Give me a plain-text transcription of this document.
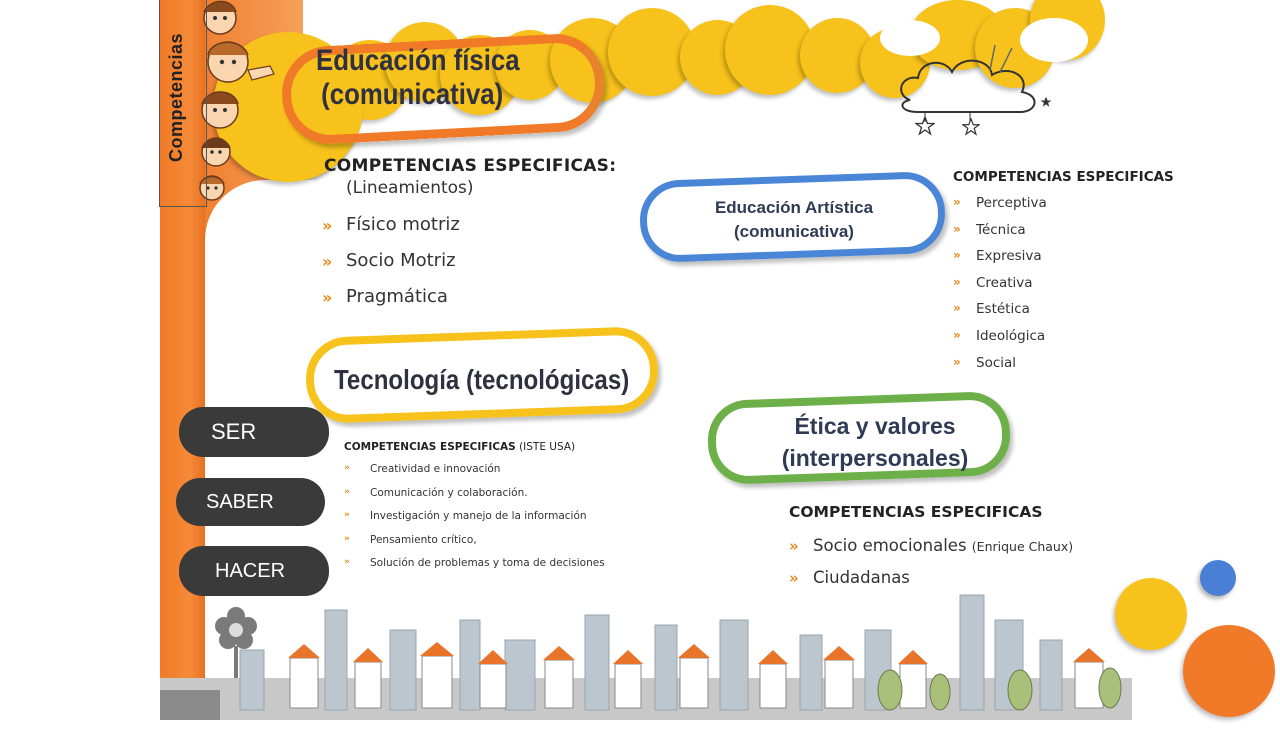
Competencias	Educación física
(comunicativa)
COMPETENCIAS ESPECIFICAS:
(Lineamientos)
» Físico motriz
» Socio Motriz
» Pragmática
Educación Artística
(comunicativa)
COMPETENCIAS ESPECIFICAS
» Perceptiva
» Técnica
» Expresiva
» Creativa
» Estética
» Ideológica
» Social
Tecnología (tecnológicas)
COMPETENCIAS ESPECIFICAS (ISTE USA)
» Creatividad e innovación
» Comunicación y colaboración.
» Investigación y manejo de la información
» Pensamiento crítico,
» Solución de problemas y toma de decisiones
Ética y valores
(interpersonales)
COMPETENCIAS ESPECIFICAS
» Socio emocionales (Enrique Chaux)
» Ciudadanas
SER
SABER
HACER
